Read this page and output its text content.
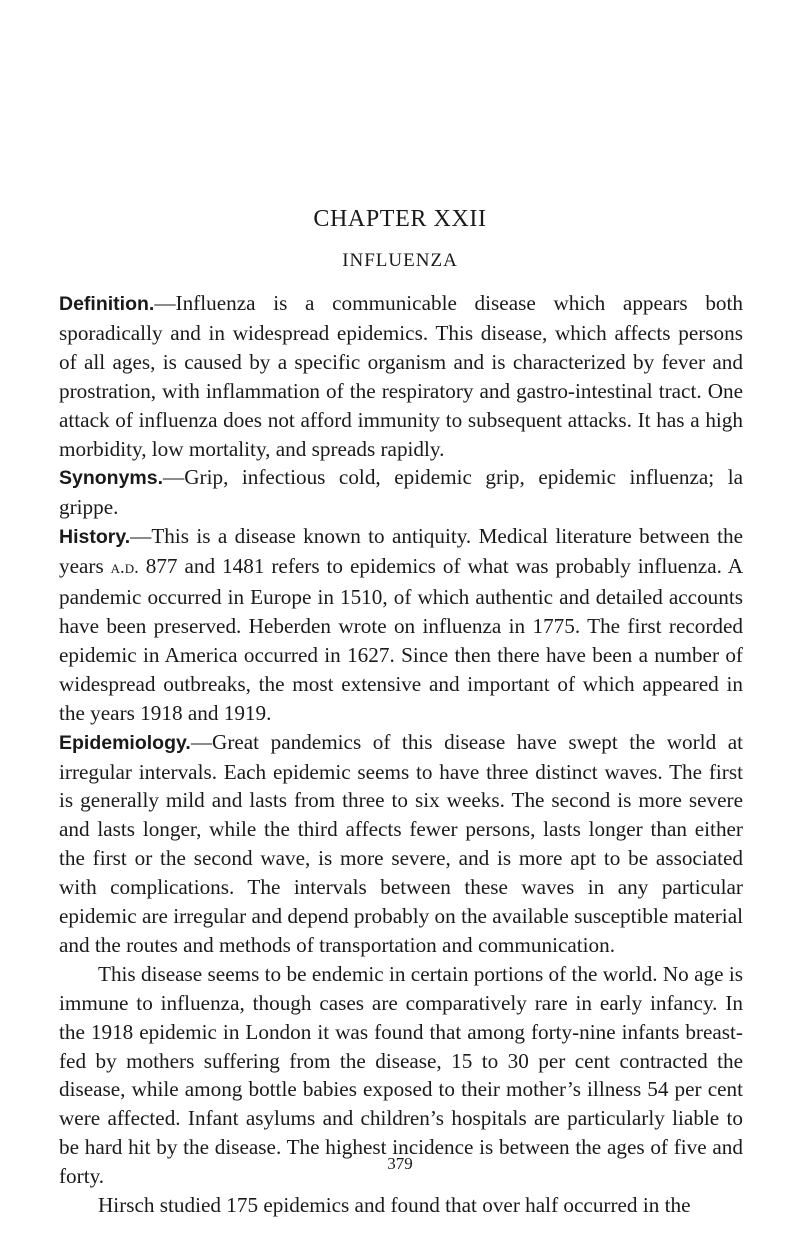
CHAPTER XXII
INFLUENZA

Definition.—Influenza is a communicable disease which appears both sporadically and in widespread epidemics. This disease, which affects persons of all ages, is caused by a specific organism and is characterized by fever and prostration, with inflammation of the respiratory and gastro-intestinal tract. One attack of influenza does not afford immunity to subsequent attacks. It has a high morbidity, low mortality, and spreads rapidly.

Synonyms.—Grip, infectious cold, epidemic grip, epidemic influenza; la grippe.

History.—This is a disease known to antiquity. Medical literature between the years a.d. 877 and 1481 refers to epidemics of what was probably influenza. A pandemic occurred in Europe in 1510, of which authentic and detailed accounts have been preserved. Heberden wrote on influenza in 1775. The first recorded epidemic in America occurred in 1627. Since then there have been a number of widespread outbreaks, the most extensive and important of which appeared in the years 1918 and 1919.

Epidemiology.—Great pandemics of this disease have swept the world at irregular intervals. Each epidemic seems to have three distinct waves. The first is generally mild and lasts from three to six weeks. The second is more severe and lasts longer, while the third affects fewer persons, lasts longer than either the first or the second wave, is more severe, and is more apt to be associated with complications. The intervals between these waves in any particular epidemic are irregular and depend probably on the available susceptible material and the routes and methods of transportation and communication.

This disease seems to be endemic in certain portions of the world. No age is immune to influenza, though cases are comparatively rare in early infancy. In the 1918 epidemic in London it was found that among forty-nine infants breast-fed by mothers suffering from the disease, 15 to 30 per cent contracted the disease, while among bottle babies exposed to their mother’s illness 54 per cent were affected. Infant asylums and children’s hospitals are particularly liable to be hard hit by the disease. The highest incidence is between the ages of five and forty.

Hirsch studied 175 epidemics and found that over half occurred in the

379
